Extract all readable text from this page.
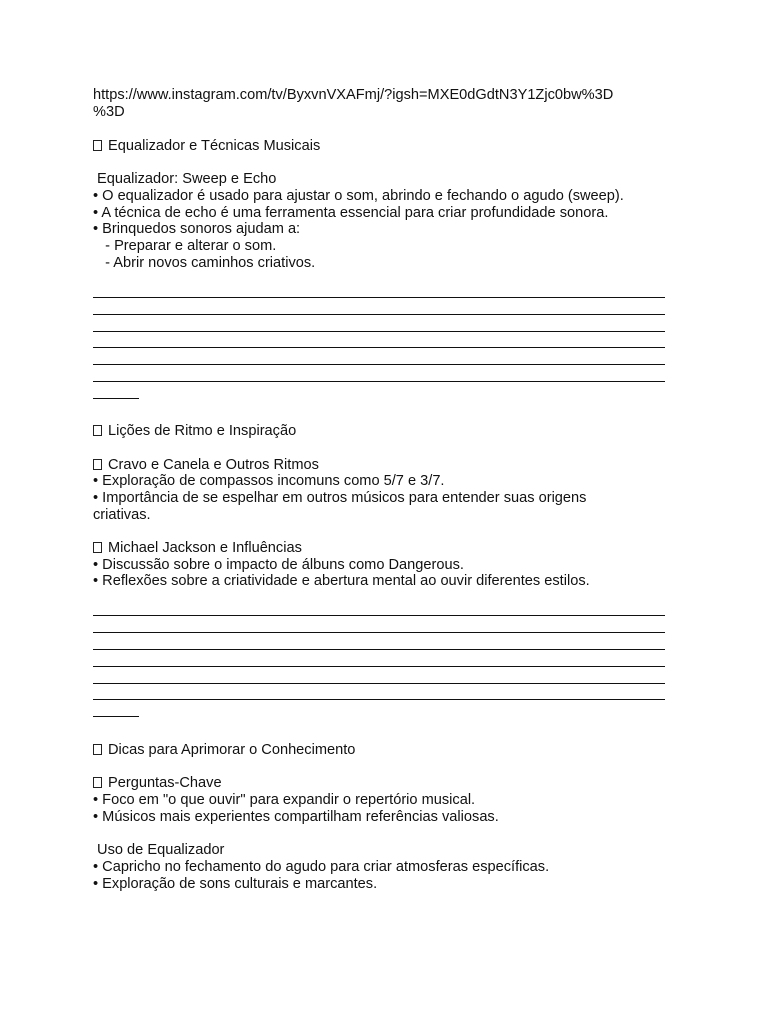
https://www.instagram.com/tv/ByxvnVXAFmj/?igsh=MXE0dGdtN3Y1Zjc0bw%3D
%3D
Equalizador e Técnicas Musicais
Equalizador: Sweep e Echo
• O equalizador é usado para ajustar o som, abrindo e fechando o agudo (sweep).
• A técnica de echo é uma ferramenta essencial para criar profundidade sonora.
• Brinquedos sonoros ajudam a:
- Preparar e alterar o som.
- Abrir novos caminhos criativos.
Lições de Ritmo e Inspiração
Cravo e Canela e Outros Ritmos
• Exploração de compassos incomuns como 5/7 e 3/7.
• Importância de se espelhar em outros músicos para entender suas origens
criativas.
Michael Jackson e Influências
• Discussão sobre o impacto de álbuns como Dangerous.
• Reflexões sobre a criatividade e abertura mental ao ouvir diferentes estilos.
Dicas para Aprimorar o Conhecimento
Perguntas-Chave
• Foco em "o que ouvir" para expandir o repertório musical.
• Músicos mais experientes compartilham referências valiosas.
Uso de Equalizador
• Capricho no fechamento do agudo para criar atmosferas específicas.
• Exploração de sons culturais e marcantes.
